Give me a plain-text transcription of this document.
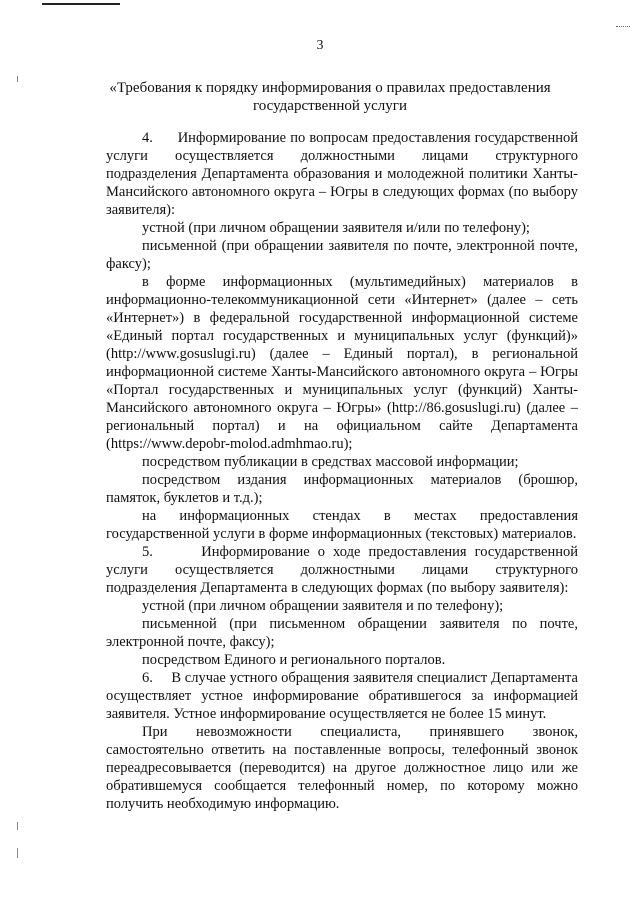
3
«Требования к порядку информирования о правилах предоставления государственной услуги

4.      Информирование по вопросам предоставления государственной услуги осуществляется должностными лицами структурного подразделения Департамента образования и молодежной политики Ханты-Мансийского автономного округа – Югры в следующих формах (по выбору заявителя):

устной (при личном обращении заявителя и/или по телефону);

письменной (при обращении заявителя по почте, электронной почте, факсу);

в форме информационных (мультимедийных) материалов в информационно-телекоммуникационной сети «Интернет» (далее – сеть «Интернет») в федеральной государственной информационной системе «Единый портал государственных и муниципальных услуг (функций)» (http://www.gosuslugi.ru) (далее – Единый портал), в региональной информационной системе Ханты-Мансийского автономного округа – Югры «Портал государственных и муниципальных услуг (функций) Ханты-Мансийского автономного округа – Югры» (http://86.gosuslugi.ru) (далее – региональный портал) и на официальном сайте Департамента (https://www.depobr-molod.admhmao.ru);

посредством публикации в средствах массовой информации;

посредством издания информационных материалов (брошюр, памяток, буклетов и т.д.);

на информационных стендах в местах предоставления государственной услуги в форме информационных (текстовых) материалов.

5.      Информирование о ходе предоставления государственной услуги осуществляется должностными лицами структурного подразделения Департамента в следующих формах (по выбору заявителя):

устной (при личном обращении заявителя и по телефону);

письменной (при письменном обращении заявителя по почте, электронной почте, факсу);

посредством Единого и регионального порталов.

6.     В случае устного обращения заявителя специалист Департамента осуществляет устное информирование обратившегося за информацией заявителя. Устное информирование осуществляется не более 15 минут.

При невозможности специалиста, принявшего звонок, самостоятельно ответить на поставленные вопросы, телефонный звонок переадресовывается (переводится) на другое должностное лицо или же обратившемуся сообщается телефонный номер, по которому можно получить необходимую информацию.
